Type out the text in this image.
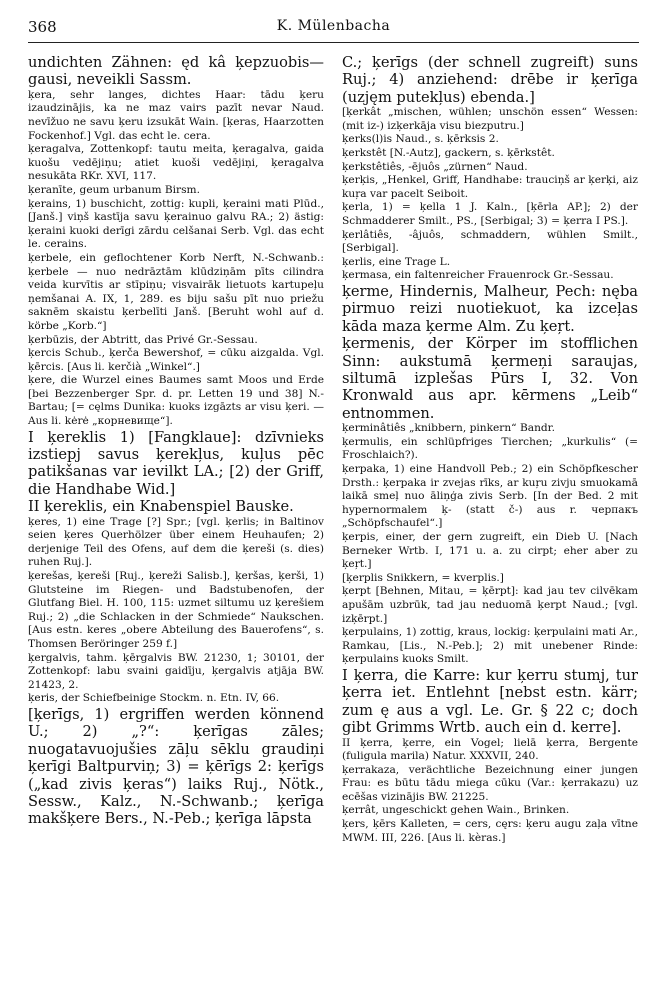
368	K. Mülenbacha

undichten Zähnen: ęd kâ ķepzuobis— gausi, neveikli Sassm.

ķera, sehr langes, dichtes Haar: tādu ķeru izaudzinājis, ka ne maz vairs pazīt nevar Naud. nevīžuo ne savu ķeru izsukāt Wain. [ķeras, Haarzotten Fockenhof.] Vgl. das echt le. cera.

ķeragalva, Zottenkopf: tautu meita, ķeragalva, gaida kuošu vedējiņu; atiet kuoši vedējiņi, ķeragalva nesukāta RKr. XVI, 117.

ķeranīte, geum urbanum Birsm.

ķerains, 1) buschicht, zottig: kupli, ķeraini mati Plūd., [Janš.] viņš kastīja savu ķerainuo galvu RA.; 2) ästig: ķeraini kuoki derīgi zārdu celšanai Serb. Vgl. das echt le. cerains.

ķerbele, ein geflochtener Korb Nerft, N.-Schwanb.: ķerbele — nuo nedrāztām klūdziņām pīts cilindra veida kurvītis ar stīpiņu; visvairāk lietuots kartupeļu ņemšanai A. IX, 1, 289. es biju sašu pīt nuo priežu saknēm skaistu ķerbelīti Janš. [Beruht wohl auf d. körbe „Korb.“]

ķerbūzis, der Abtritt, das Privé Gr.-Sessau.

ķercis Schub., ķerča Bewershof, = cūku aizgalda. Vgl. ķērcis. [Aus li. kerčià „Winkel“.]

ķere, die Wurzel eines Baumes samt Moos und Erde [bei Bezzenberger Spr. d. pr. Letten 19 und 38] N.-Bartau; [= cęlms Dunika: kuoks izgāzts ar visu ķeri. — Aus li. kėrė „корневище“].

I ķereklis 1) [Fangklaue]: dzīvnieks izstiepj savus ķerekļus, kuļus pēc patikšanas var ievilkt LA.; [2) der Griff, die Handhabe Wid.]

II ķereklis, ein Knabenspiel Bauske.

ķeres, 1) eine Trage [?] Spr.; [vgl. ķerlis; in Baltinov seien ķeres Querhölzer über einem Heuhaufen; 2) derjenige Teil des Ofens, auf dem die ķereši (s. dies) ruhen Ruj.].

ķerešas, ķereši [Ruj., ķereži Salisb.], ķeršas, ķerši, 1) Glutsteine im Riegen- und Badstubenofen, der Glutfang Biel. H. 100, 115: uzmet siltumu uz ķerešiem Ruj.; 2) „die Schlacken in der Schmiede“ Naukschen. [Aus estn. keres „obere Abteilung des Bauerofens“, s. Thomsen Beröringer 259 f.]

ķergalvis, tahm. ķērgalvis BW. 21230, 1; 30101, der Zottenkopf: labu svaini gaidīju, ķergalvis atjāja BW. 21423, 2.

ķeris, der Schiefbeinige Stockm. n. Etn. IV, 66.

[ķerīgs, 1) ergriffen werden könnend U.; 2) „?“: ķerīgas zāles; nuogatavuojušies zāļu sēklu graudiņi ķerīgi Baltpurviņ; 3) = ķērīgs 2: ķerīgs („kad zivis ķeras“) laiks Ruj., Nötk., Sessw., Kalz., N.-Schwanb.; ķerīga makšķere Bers., N.-Peb.; ķerīga lāpsta

C.; ķerīgs (der schnell zugreift) suns Ruj.; 4) anziehend: drēbe ir ķerīga (uzjęm putekļus) ebenda.]

[ķerkât „mischen, wühlen; unschön essen“ Wessen: (mit iz-) izķerkāja visu biezputru.]

ķerks(l)is Naud., s. ķērksis 2.

ķerkstêt [N.-Autz], gackern, s. ķērkstêt.

ķerkstêtiês, -ējuôs „zürnen“ Naud.

ķerķis, „Henkel, Griff, Handhabe: trauciņš ar ķerķi, aiz kuŗa var pacelt Seiboit.

ķerla, 1) = ķella 1 J. Kaln., [ķērla AP.]; 2) der Schmadderer Smilt., PS., [Serbigal; 3) = ķerra I PS.].

ķerlâtiês, -âjuôs, schmaddern, wühlen Smilt., [Serbigal].

ķerlis, eine Trage L.

ķermasa, ein faltenreicher Frauenrock Gr.-Sessau.

ķerme, Hindernis, Malheur, Pech: nęba pirmuo reizi nuotiekuot, ka izceļas kāda maza ķerme Alm. Zu ķeŗt.

ķermenis, der Körper im stofflichen Sinn: aukstumā ķermeņi saraujas, siltumā izplešas Pūrs I, 32. Von Kronwald aus apr. kērmens „Leib“ entnommen.

ķerminâtiês „knibbern, pinkern“ Bandr.

ķermulis, ein schlüpfriges Tierchen; „kurkulis“ (= Froschlaich?).

ķerpaka, 1) eine Handvoll Peb.; 2) ein Schöpfkescher Drsth.: ķerpaka ir zvejas rīks, ar kuŗu zivju smuokamā laikā smeļ nuo āliņģa zivis Serb. [In der Bed. 2 mit hypernormalem ķ- (statt č-) aus r. черпакъ „Schöpfschaufel“.]

ķerpis, einer, der gern zugreift, ein Dieb U. [Nach Berneker Wrtb. I, 171 u. a. zu cirpt; eher aber zu ķeŗt.]

[ķerplis Snikkern, = kverplis.]

ķerpt [Behnen, Mitau, = ķērpt]: kad jau tev cilvēkam apušām uzbrūk, tad jau neduomā ķerpt Naud.; [vgl. izķērpt.]

ķerpulains, 1) zottig, kraus, lockig: ķerpulaini mati Ar., Ramkau, [Lis., N.-Peb.]; 2) mit unebener Rinde: ķerpulains kuoks Smilt.

I ķerra, die Karre: kur ķerru stumj, tur ķerra iet. Entlehnt [nebst estn. kärr; zum ę aus a vgl. Le. Gr. § 22 c; doch gibt Grimms Wrtb. auch ein d. kerre].

II ķerra, ķerre, ein Vogel; lielā ķerra, Bergente (fuligula marila) Natur. XXXVII, 240.

ķerrakaza, verächtliche Bezeichnung einer jungen Frau: es būtu tādu miega cūku (Var.: ķerrakazu) uz ecēšas vizinājis BW. 21225.

ķerrât, ungeschickt gehen Wain., Brinken.

ķers, ķērs Kalleten, = cers, cęrs: ķeru augu zaļa vītne MWM. III, 226. [Aus li. kèras.]
